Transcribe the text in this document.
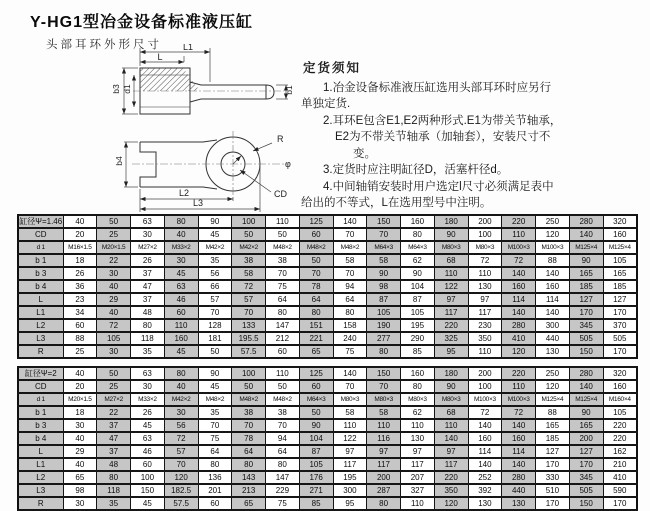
Y-HG1型冶金设备标准液压缸
头部耳环外形尺寸 L1
L
b3 d1	b1
b4
R
φ
CD
L2
L3
定货须知
1.冶金设备标准液压缸选用头部耳环时应另行
单独定货.
2.耳环E包含E1,E2两种形式.E1为带关节轴承，
E2为不带关节轴承（加轴套），安装尺寸不
变。
3.定货时应注明缸径D，活塞杆径d。
4.中间轴销安装时用户选定l尺寸必须满足表中
给出的不等式，L在选用型号中注明。
缸径Ψ=1.46	40	50	63	80	90	100	110	125	140	150	160	180	200	220	250	280	320
CD	20	25	30	40	45	50	50	60	70	70	80	90	100	110	120	140	160
d 1	M16×1.5	M20×1.5	M27×2	M33×2	M42×2	M42×2	M48×2	M48×2	M48×2	M64×3	M64×3	M80×3	M80×3	M100×3	M100×3	M125×4	M125×4
b 1	18	22	26	30	35	38	38	50	58	58	62	68	72	72	88	90	105
b 3	26	30	37	45	56	58	70	70	70	90	90	110	110	140	140	165	165
b 4	36	40	47	63	66	72	75	78	94	98	104	122	130	160	160	185	185
L	23	29	37	46	57	57	64	64	64	87	87	97	97	114	114	127	127
L1	34	40	48	60	70	70	80	80	80	105	105	117	117	140	140	170	170
L2	60	72	80	110	128	133	147	151	158	190	195	220	230	280	300	345	370
L3	88	105	118	160	181	195.5	212	221	240	277	290	325	350	410	440	505	505
R	25	30	35	45	50	57.5	60	65	75	80	85	95	110	120	130	150	170
缸径Ψ=2	40	50	63	80	90	100	110	125	140	150	160	180	200	220	250	280	320
CD	20	25	30	40	45	50	50	60	70	70	80	90	100	110	120	140	160
d 1	M20×1.5	M27×2	M33×2	M42×2	M48×2	M48×2	M48×2	M64×3	M80×3	M80×3	M80×3	M80×3	M100×3	M100×3	M125×4	M125×4	M160×4
b 1	18	22	26	30	35	38	38	50	58	58	62	68	72	72	88	90	105
b 3	30	37	45	56	70	70	70	90	110	110	110	110	140	140	165	165	220
b 4	40	47	63	72	75	78	94	104	122	116	130	140	160	160	185	200	220
L	29	37	46	57	64	64	64	87	97	97	97	97	114	114	127	127	162
L1	40	48	60	70	80	80	80	105	117	117	117	117	140	140	170	170	210
L2	65	80	100	120	136	143	147	176	195	200	207	220	252	280	330	345	410
L3	98	118	150	182.5	201	213	229	271	300	287	327	350	392	440	510	505	590
R	30	35	45	57.5	60	65	75	85	95	80	110	120	130	130	170	150	170
